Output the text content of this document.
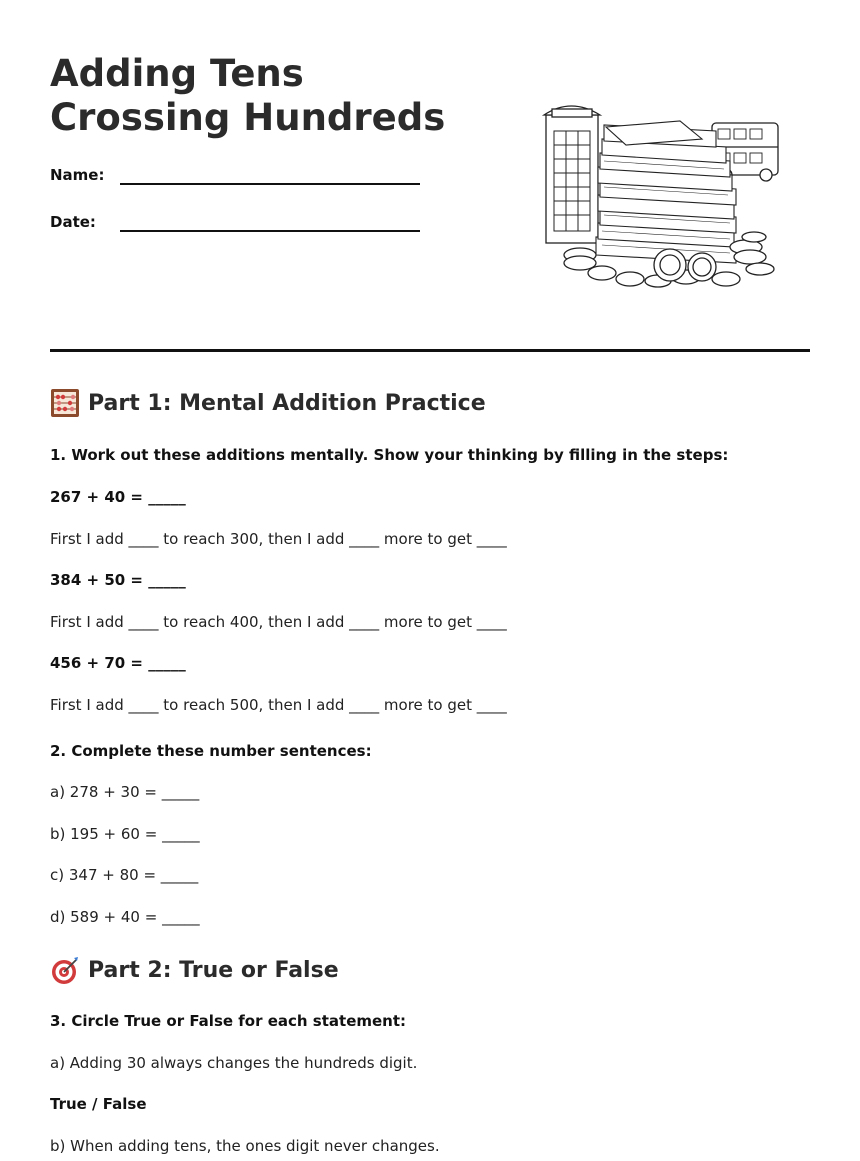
Adding Tens Crossing Hundreds
Name:
Date:
Part 1: Mental Addition Practice
1. Work out these additions mentally. Show your thinking by filling in the steps:
267 + 40 = _____
First I add ____ to reach 300, then I add ____ more to get ____
384 + 50 = _____
First I add ____ to reach 400, then I add ____ more to get ____
456 + 70 = _____
First I add ____ to reach 500, then I add ____ more to get ____
2. Complete these number sentences:
a) 278 + 30 = _____
b) 195 + 60 = _____
c) 347 + 80 = _____
d) 589 + 40 = _____
Part 2: True or False
3. Circle True or False for each statement:
a) Adding 30 always changes the hundreds digit.
True / False
b) When adding tens, the ones digit never changes.
